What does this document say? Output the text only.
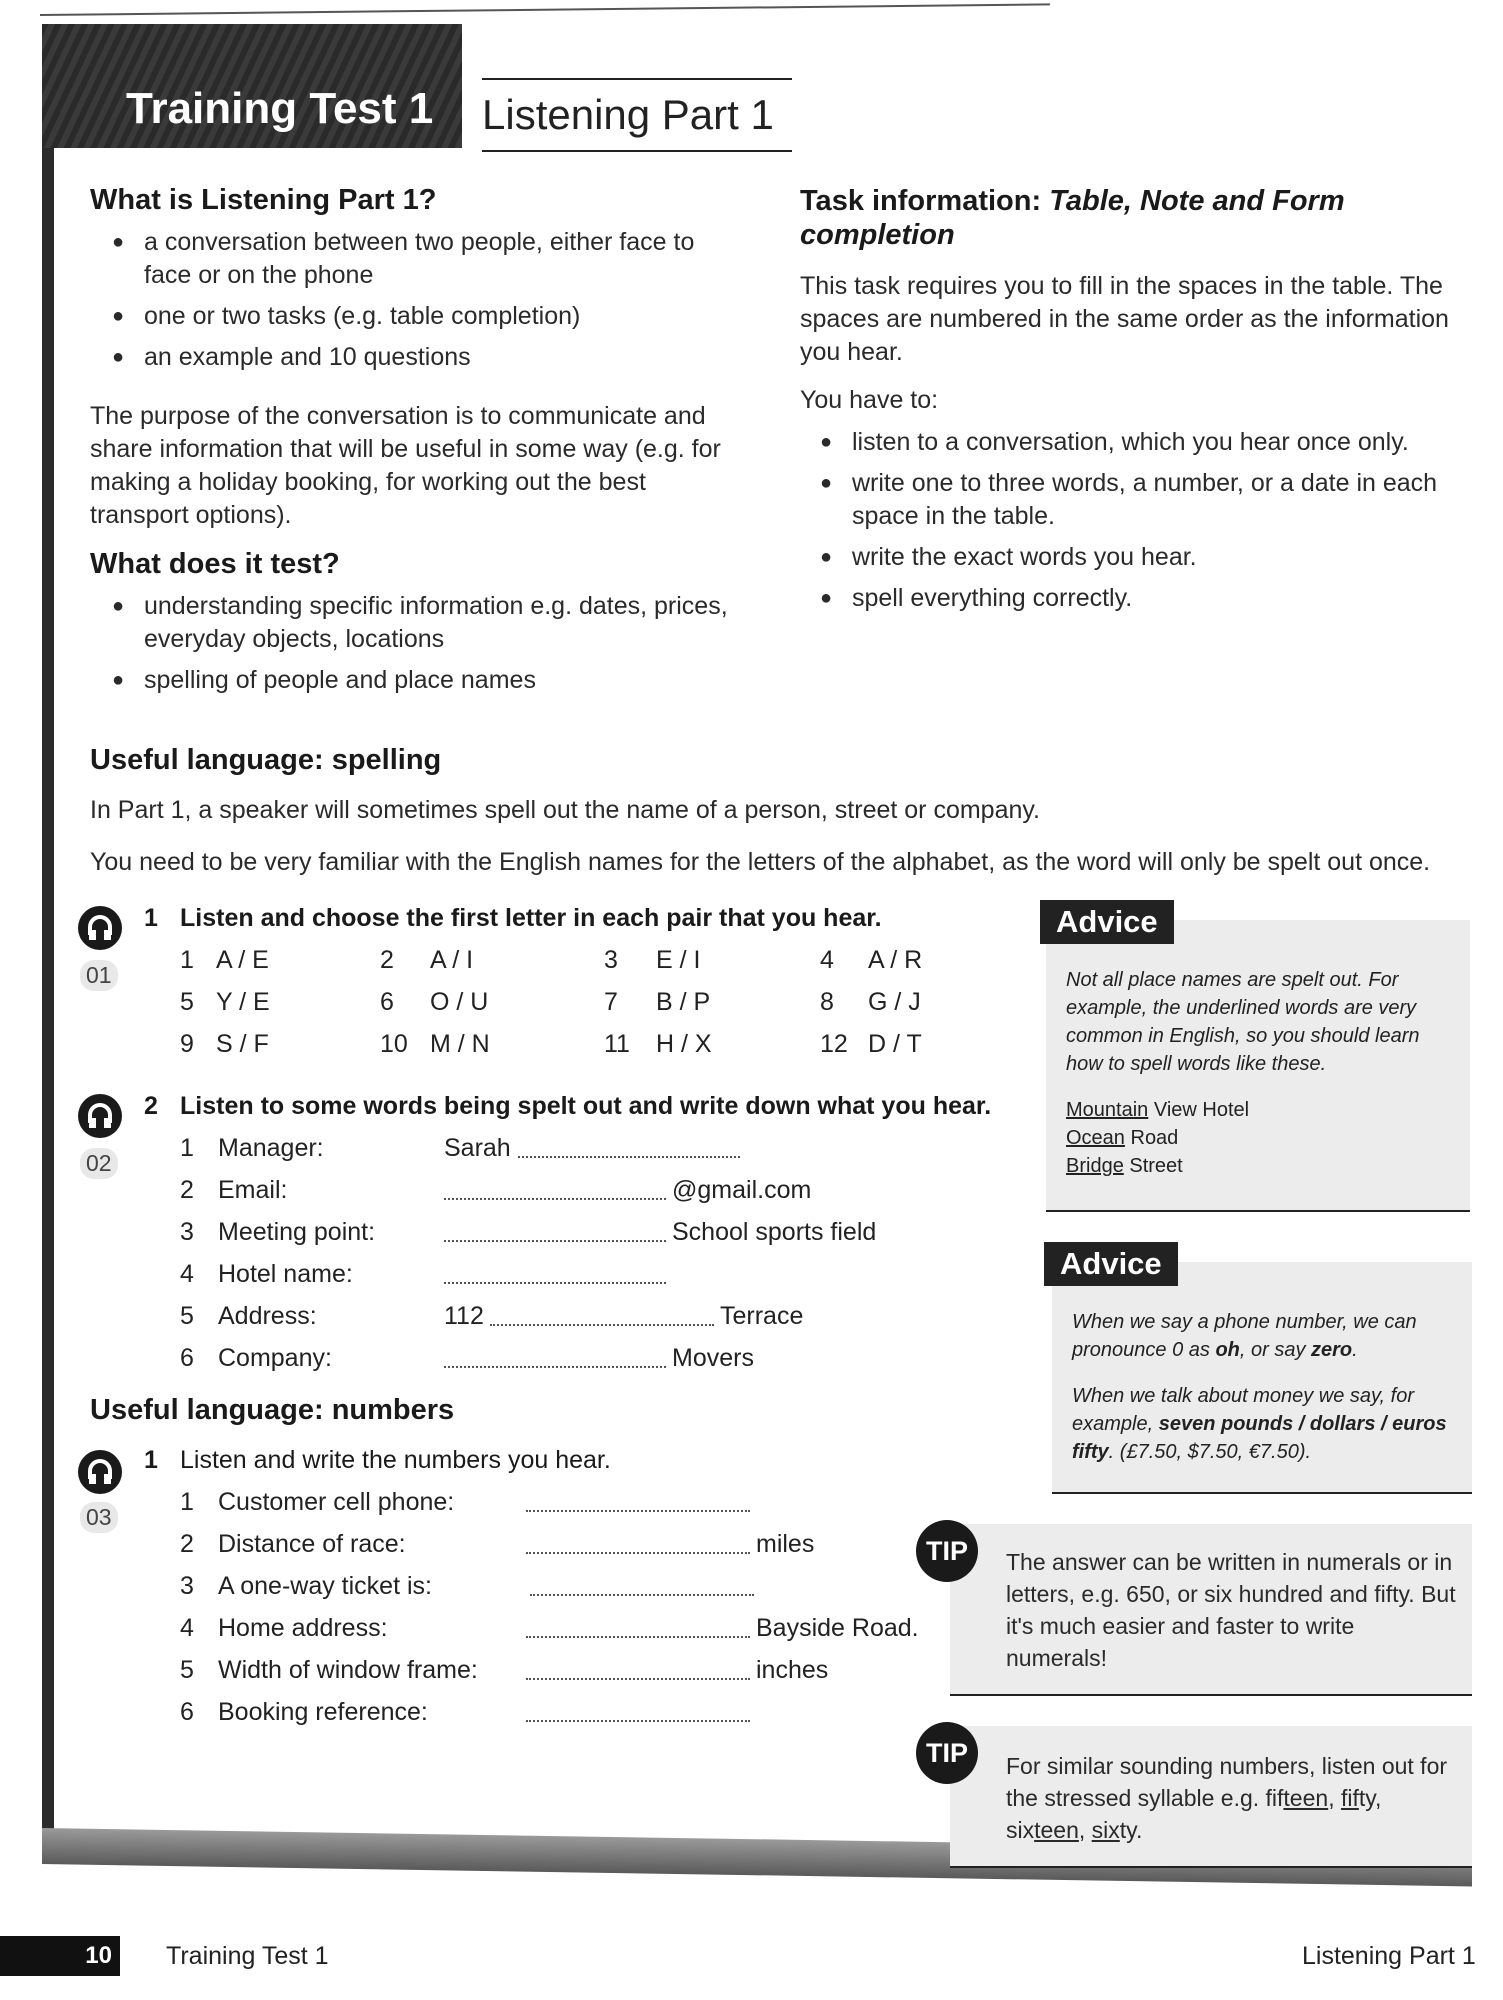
Training Test 1 Listening Part 1
What is Listening Part 1?
● a conversation between two people, either face to face or on the phone
● one or two tasks (e.g. table completion)
● an example and 10 questions

The purpose of the conversation is to communicate and share information that will be useful in some way (e.g. for making a holiday booking, for working out the best transport options).

What does it test?
● understanding specific information e.g. dates, prices, everyday objects, locations
● spelling of people and place names
Task information: Table, Note and Form completion

This task requires you to fill in the spaces in the table. The spaces are numbered in the same order as the information you hear.

You have to:

● listen to a conversation, which you hear once only.
● write one to three words, a number, or a date in each space in the table.
● write the exact words you hear.
● spell everything correctly.
Useful language: spelling

In Part 1, a speaker will sometimes spell out the name of a person, street or company.

You need to be very familiar with the English names for the letters of the alphabet, as the word will only be spelt out once.

01
1 Listen and choose the first letter in each pair that you hear.
1 A / E	2 A / I	3 E / I	4 A / R
5 Y / E	6 O / U	7 B / P	8 G / J
9 S / F	10 M / N	11 H / X	12 D / T
02
2 Listen to some words being spelt out and write down what you hear.
1 Manager:	Sarah
2 Email:	@gmail.com
3 Meeting point:	School sports field
4 Hotel name:
5 Address:	112	Terrace
6 Company:	Movers
Useful language: numbers
03
1 Listen and write the numbers you hear.
1 Customer cell phone:
2 Distance of race:	miles
3 A one-way ticket is:
4 Home address:	Bayside Road.
5 Width of window frame:	inches
6 Booking reference:
Advice
Not all place names are spelt out. For example, the underlined words are very common in English, so you should learn how to spell words like these.
Mountain View Hotel
Ocean Road
Bridge Street
Advice
When we say a phone number, we can pronounce 0 as oh, or say zero.
When we talk about money we say, for example, seven pounds / dollars / euros fifty. (£7.50, $7.50, €7.50).
TIP	The answer can be written in numerals or in letters, e.g. 650, or six hundred and fifty. But it's much easier and faster to write numerals!
TIP	For similar sounding numbers, listen out for the stressed syllable e.g. fifteen, fifty, sixteen, sixty.
10	Training Test 1	Listening Part 1
